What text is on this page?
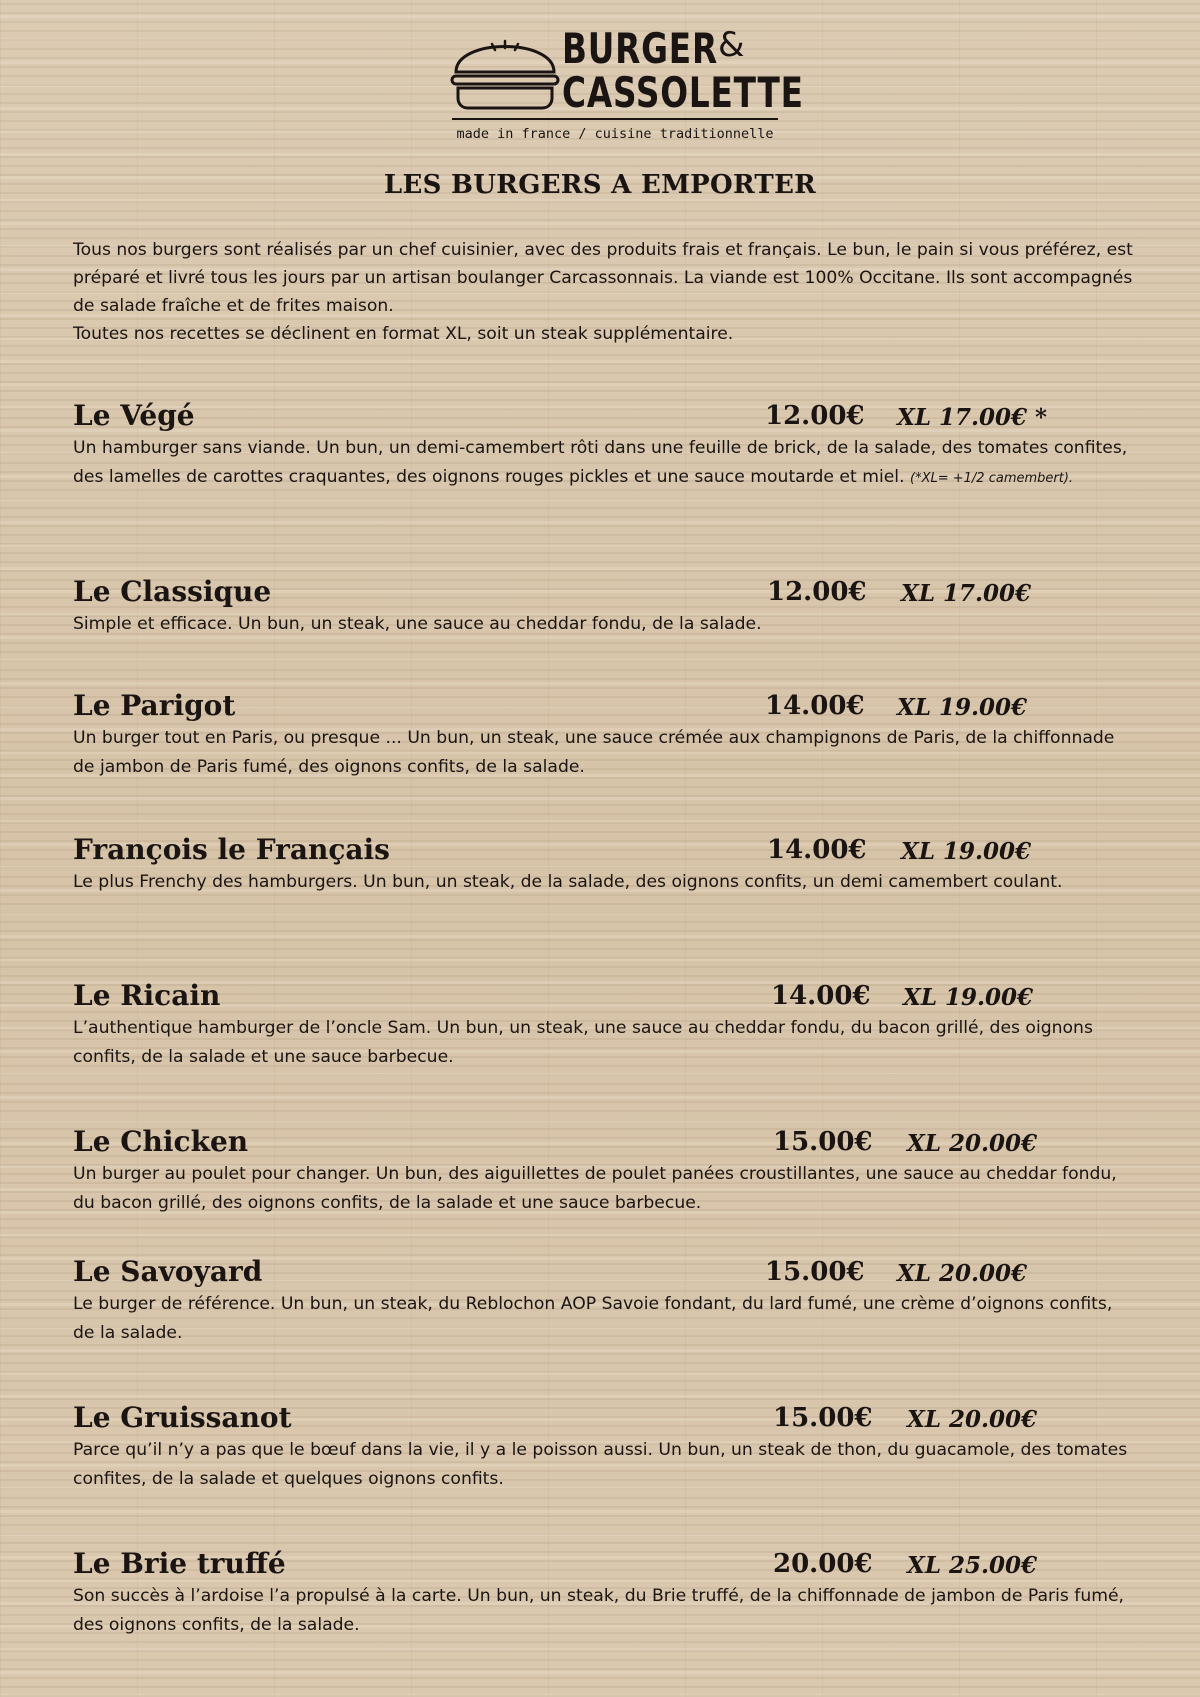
BURGER &
CASSOLETTE
made in france / cuisine traditionnelle
LES BURGERS A EMPORTER

Tous nos burgers sont réalisés par un chef cuisinier, avec des produits frais et français. Le bun, le pain si vous préférez, est préparé et livré tous les jours par un artisan boulanger Carcassonnais. La viande est 100% Occitane. Ils sont accompagnés de salade fraîche et de frites maison.

Toutes nos recettes se déclinent en format XL, soit un steak supplémentaire.

Le Végé	12.00€ XL 17.00€ *
Un hamburger sans viande. Un bun, un demi-camembert rôti dans une feuille de brick, de la salade, des tomates confites, des lamelles de carottes craquantes, des oignons rouges pickles et une sauce moutarde et miel. (*XL= +1/2 camembert).
Le Classique	12.00€ XL 17.00€
Simple et efficace. Un bun, un steak, une sauce au cheddar fondu, de la salade.
Le Parigot	14.00€ XL 19.00€
Un burger tout en Paris, ou presque ... Un bun, un steak, une sauce crémée aux champignons de Paris, de la chiffonnade de jambon de Paris fumé, des oignons confits, de la salade.
François le Français	14.00€ XL 19.00€
Le plus Frenchy des hamburgers. Un bun, un steak, de la salade, des oignons confits, un demi camembert coulant.
Le Ricain	14.00€ XL 19.00€
L’authentique hamburger de l’oncle Sam. Un bun, un steak, une sauce au cheddar fondu, du bacon grillé, des oignons confits, de la salade et une sauce barbecue.
Le Chicken	15.00€ XL 20.00€
Un burger au poulet pour changer. Un bun, des aiguillettes de poulet panées croustillantes, une sauce au cheddar fondu, du bacon grillé, des oignons confits, de la salade et une sauce barbecue.
Le Savoyard	15.00€ XL 20.00€
Le burger de référence. Un bun, un steak, du Reblochon AOP Savoie fondant, du lard fumé, une crème d’oignons confits, de la salade.
Le Gruissanot	15.00€ XL 20.00€
Parce qu’il n’y a pas que le bœuf dans la vie, il y a le poisson aussi. Un bun, un steak de thon, du guacamole, des tomates confites, de la salade et quelques oignons confits.
Le Brie truffé	20.00€ XL 25.00€
Son succès à l’ardoise l’a propulsé à la carte. Un bun, un steak, du Brie truffé, de la chiffonnade de jambon de Paris fumé, des oignons confits, de la salade.
